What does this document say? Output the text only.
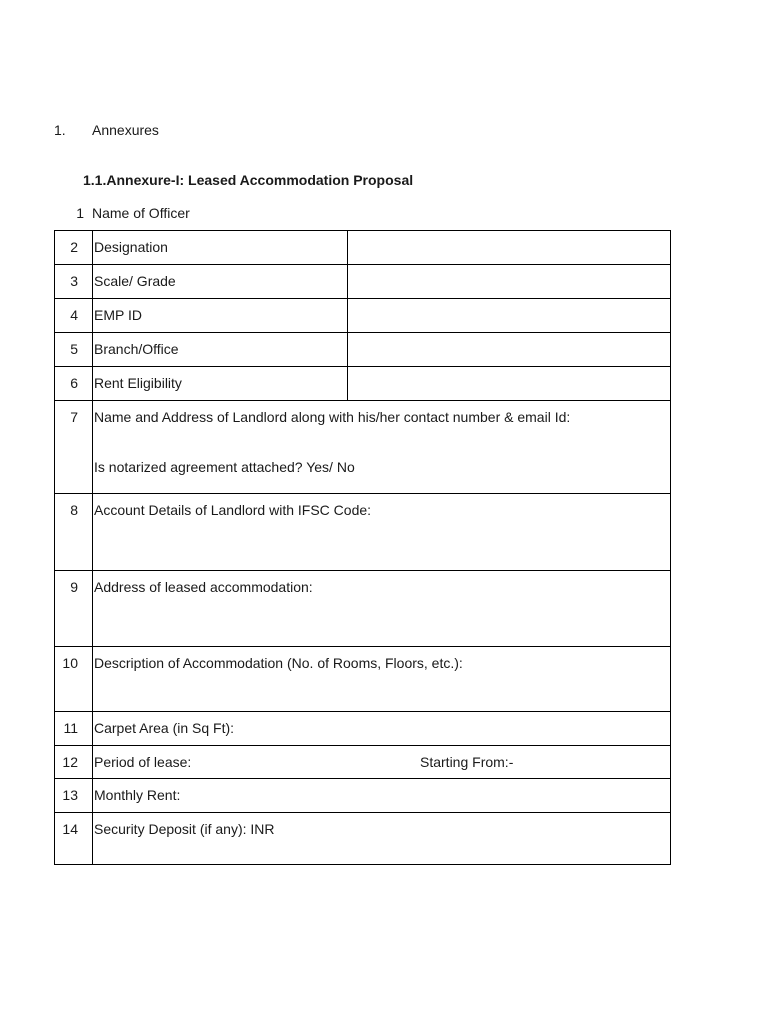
1.	Annexures
1.1.Annexure-I: Leased Accommodation Proposal
1 Name of Officer
2	Designation	
3	Scale/ Grade	
4	EMP ID	
5	Branch/Office	
6	Rent Eligibility	
7	Name and Address of Landlord along with his/her contact number & email Id:
Is notarized agreement attached? Yes/ No	

8	Account Details of Landlord with IFSC Code:	

9	Address of leased accommodation:	

10	Description of Accommodation (No. of Rooms, Floors, etc.):	

11	Carpet Area (in Sq Ft):	

12	Period of lease: Starting From:-	

13	Monthly Rent:	

14	Security Deposit (if any): INR	
